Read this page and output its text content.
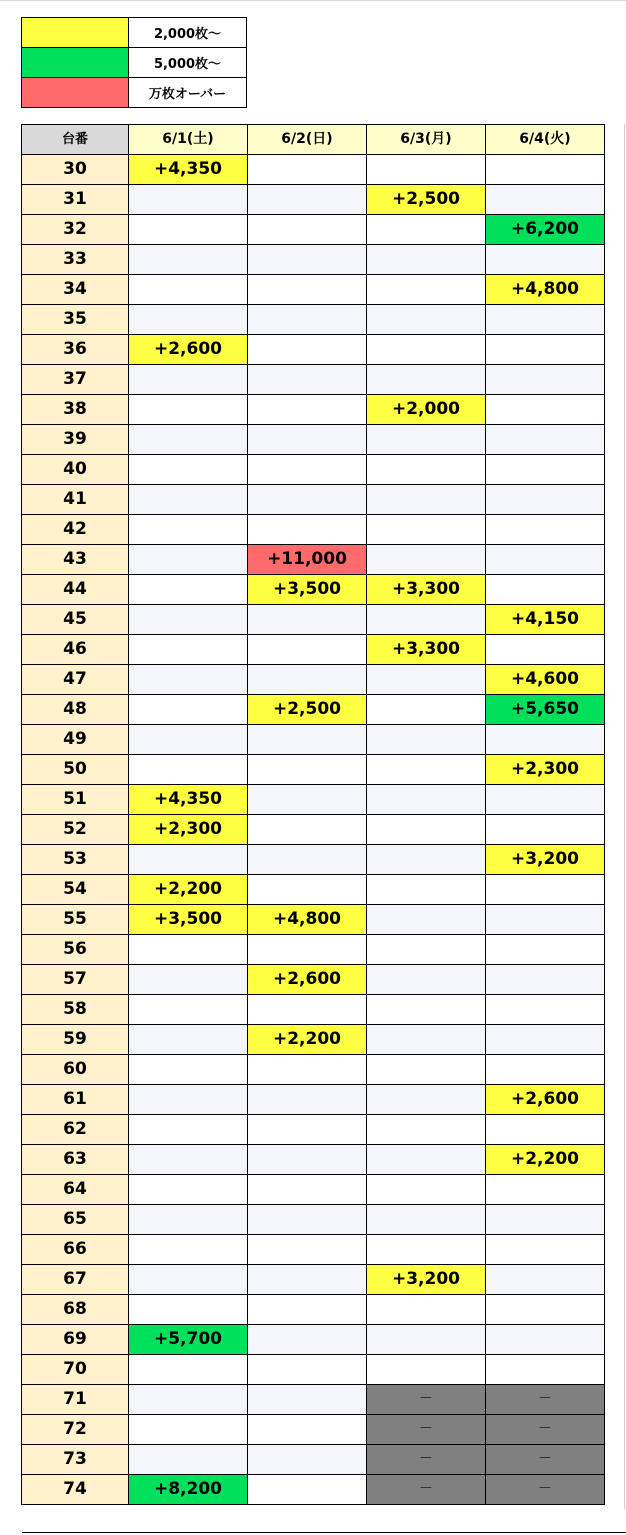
	2,000枚～
	5,000枚～
	万枚オーバー
台番	6/1(土)	6/2(日)	6/3(月)	6/4(火)
30	+4,350			
31			+2,500	
32				+6,200
33				
34				+4,800
35				
36	+2,600			
37				
38			+2,000	
39				
40				
41				
42				
43		+11,000		
44		+3,500	+3,300	
45				+4,150
46			+3,300	
47				+4,600
48		+2,500		+5,650
49				
50				+2,300
51	+4,350			
52	+2,300			
53				+3,200
54	+2,200			
55	+3,500	+4,800		
56				
57		+2,600		
58				
59		+2,200		
60				
61				+2,600
62				
63				+2,200
64				
65				
66				
67			+3,200	
68				
69	+5,700			
70				
71			－	－
72			－	－
73			－	－
74	+8,200		－	－
